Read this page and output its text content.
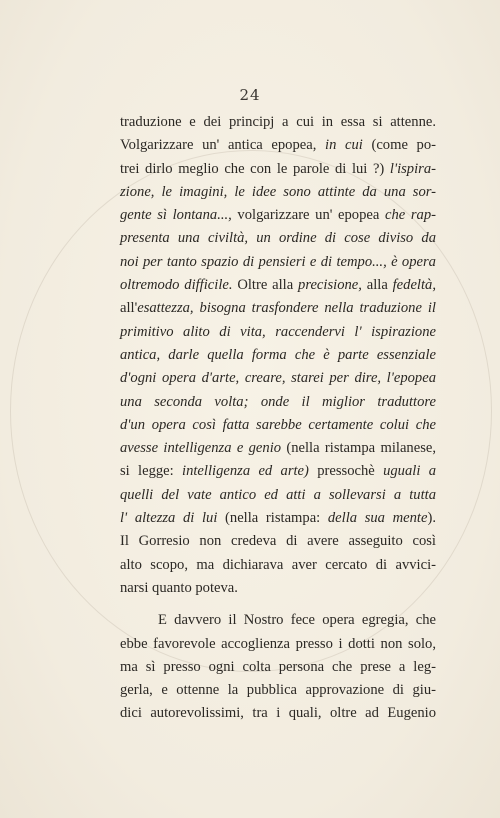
24
traduzione e dei principj a cui in essa si attenne.
Volgarizzare un' antica epopea, in cui (come po-
trei dirlo meglio che con le parole di lui ?) l'ispira-
zione, le imagini, le idee sono attinte da una sor-
gente sì lontana..., volgarizzare un' epopea che rap-
presenta una civiltà, un ordine di cose diviso da
noi per tanto spazio di pensieri e di tempo..., è opera
oltremodo difficile. Oltre alla precisione, alla fedeltà,
all'esattezza, bisogna trasfondere nella traduzione il
primitivo alito di vita, raccendervi l' ispirazione
antica, darle quella forma che è parte essenziale
d'ogni opera d'arte, creare, starei per dire, l'epopea
una seconda volta; onde il miglior traduttore
d'un opera così fatta sarebbe certamente colui che
avesse intelligenza e genio (nella ristampa milanese,
si legge: intelligenza ed arte) pressochè uguali a
quelli del vate antico ed atti a sollevarsi a tutta
l' altezza di lui (nella ristampa: della sua mente).
Il Gorresio non credeva di avere asseguito così
alto scopo, ma dichiarava aver cercato di avvici-
narsi quanto poteva.
E davvero il Nostro fece opera egregia, che
ebbe favorevole accoglienza presso i dotti non solo,
ma sì presso ogni colta persona che prese a leg-
gerla, e ottenne la pubblica approvazione di giu-
dici autorevolissimi, tra i quali, oltre ad Eugenio
